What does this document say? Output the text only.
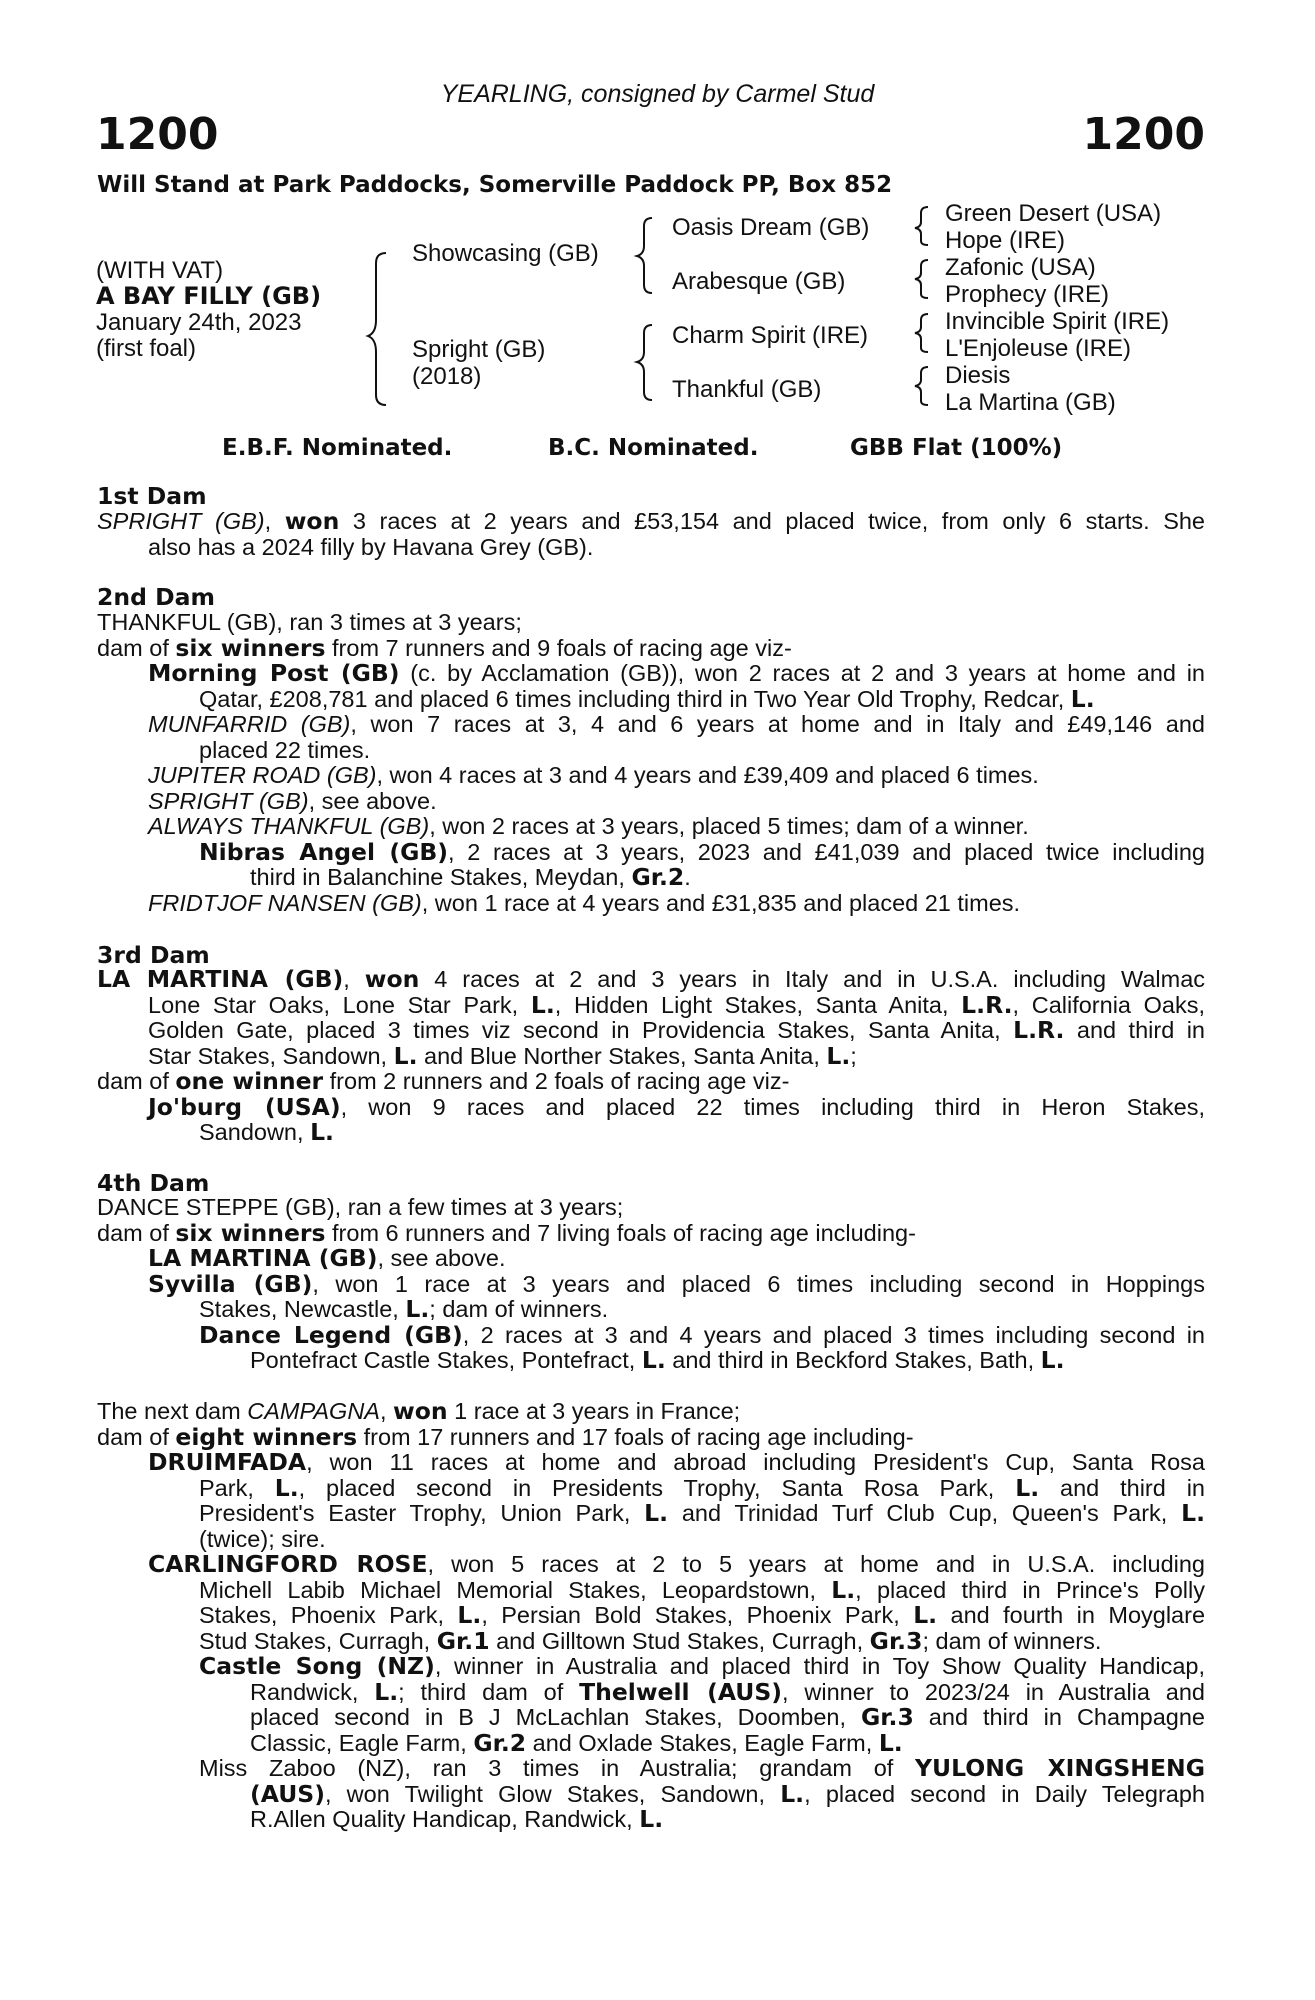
YEARLING, consigned by Carmel Stud
1200	1200
Will Stand at Park Paddocks, Somerville Paddock PP, Box 852
(WITH VAT)
A BAY FILLY (GB)
January 24th, 2023
(first foal)
Showcasing (GB)
Spright (GB)
(2018)
Oasis Dream (GB)
Arabesque (GB)
Charm Spirit (IRE)
Thankful (GB)
Green Desert (USA)
Hope (IRE)
Zafonic (USA)
Prophecy (IRE)
Invincible Spirit (IRE)
L'Enjoleuse (IRE)
Diesis
La Martina (GB)
E.B.F. Nominated.	B.C. Nominated.	GBB Flat (100%)
1st Dam
SPRIGHT (GB), won 3 races at 2 years and £53,154 and placed twice, from only 6 starts. She
also has a 2024 filly by Havana Grey (GB).
2nd Dam
THANKFUL (GB), ran 3 times at 3 years;
dam of six winners from 7 runners and 9 foals of racing age viz-
Morning Post (GB) (c. by Acclamation (GB)), won 2 races at 2 and 3 years at home and in
Qatar, £208,781 and placed 6 times including third in Two Year Old Trophy, Redcar, L.
MUNFARRID (GB), won 7 races at 3, 4 and 6 years at home and in Italy and £49,146 and
placed 22 times.
JUPITER ROAD (GB), won 4 races at 3 and 4 years and £39,409 and placed 6 times.
SPRIGHT (GB), see above.
ALWAYS THANKFUL (GB), won 2 races at 3 years, placed 5 times; dam of a winner.
Nibras Angel (GB), 2 races at 3 years, 2023 and £41,039 and placed twice including
third in Balanchine Stakes, Meydan, Gr.2.
FRIDTJOF NANSEN (GB), won 1 race at 4 years and £31,835 and placed 21 times.
3rd Dam
LA MARTINA (GB), won 4 races at 2 and 3 years in Italy and in U.S.A. including Walmac
Lone Star Oaks, Lone Star Park, L., Hidden Light Stakes, Santa Anita, L.R., California Oaks,
Golden Gate, placed 3 times viz second in Providencia Stakes, Santa Anita, L.R. and third in
Star Stakes, Sandown, L. and Blue Norther Stakes, Santa Anita, L.;
dam of one winner from 2 runners and 2 foals of racing age viz-
Jo'burg (USA), won 9 races and placed 22 times including third in Heron Stakes,
Sandown, L.
4th Dam
DANCE STEPPE (GB), ran a few times at 3 years;
dam of six winners from 6 runners and 7 living foals of racing age including-
LA MARTINA (GB), see above.
Syvilla (GB), won 1 race at 3 years and placed 6 times including second in Hoppings
Stakes, Newcastle, L.; dam of winners.
Dance Legend (GB), 2 races at 3 and 4 years and placed 3 times including second in
Pontefract Castle Stakes, Pontefract, L. and third in Beckford Stakes, Bath, L.
The next dam CAMPAGNA, won 1 race at 3 years in France;
dam of eight winners from 17 runners and 17 foals of racing age including-
DRUIMFADA, won 11 races at home and abroad including President's Cup, Santa Rosa
Park, L., placed second in Presidents Trophy, Santa Rosa Park, L. and third in
President's Easter Trophy, Union Park, L. and Trinidad Turf Club Cup, Queen's Park, L.
(twice); sire.
CARLINGFORD ROSE, won 5 races at 2 to 5 years at home and in U.S.A. including
Michell Labib Michael Memorial Stakes, Leopardstown, L., placed third in Prince's Polly
Stakes, Phoenix Park, L., Persian Bold Stakes, Phoenix Park, L. and fourth in Moyglare
Stud Stakes, Curragh, Gr.1 and Gilltown Stud Stakes, Curragh, Gr.3; dam of winners.
Castle Song (NZ), winner in Australia and placed third in Toy Show Quality Handicap,
Randwick, L.; third dam of Thelwell (AUS), winner to 2023/24 in Australia and
placed second in B J McLachlan Stakes, Doomben, Gr.3 and third in Champagne
Classic, Eagle Farm, Gr.2 and Oxlade Stakes, Eagle Farm, L.
Miss Zaboo (NZ), ran 3 times in Australia; grandam of YULONG XINGSHENG
(AUS), won Twilight Glow Stakes, Sandown, L., placed second in Daily Telegraph
R.Allen Quality Handicap, Randwick, L.
